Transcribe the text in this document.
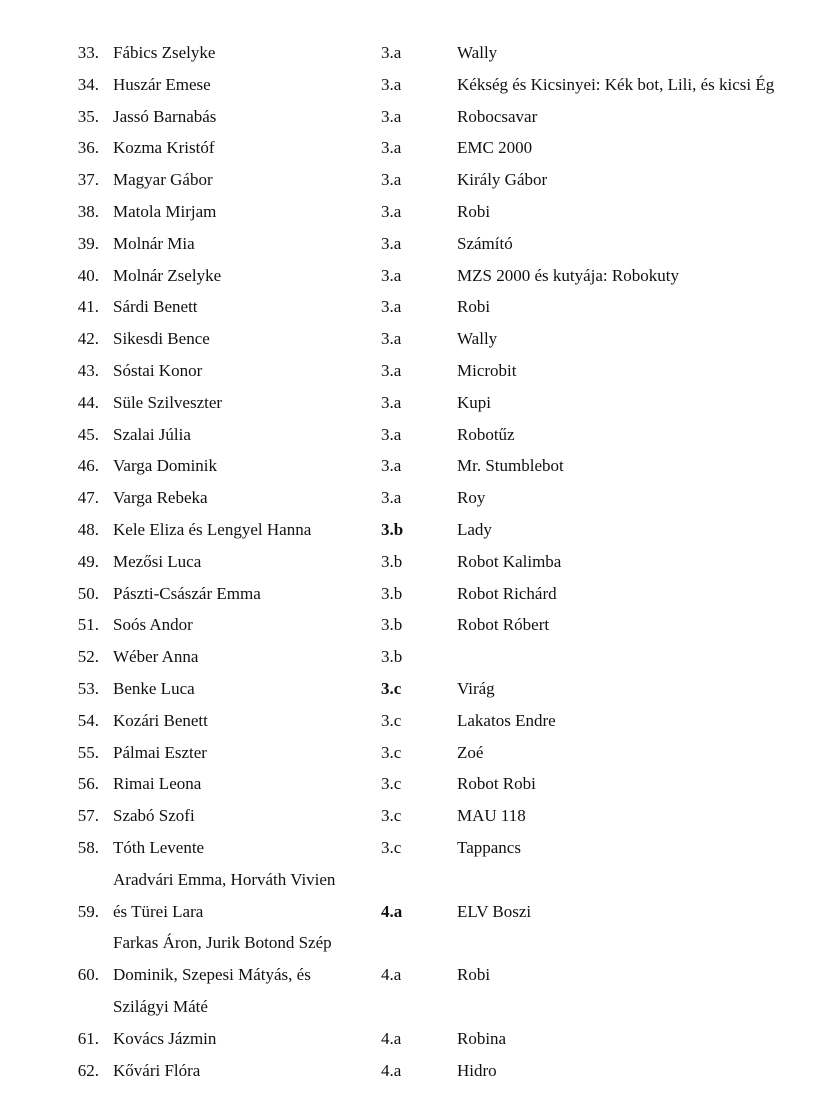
33. Fábics Zselyke	3.a	Wally
34. Huszár Emese	3.a	Kékség és Kicsinyei: Kék bot, Lili, és kicsi Ég
35. Jassó Barnabás	3.a	Robocsavar
36. Kozma Kristóf	3.a	EMC 2000
37. Magyar Gábor	3.a	Király Gábor
38. Matola Mirjam	3.a	Robi
39. Molnár Mia	3.a	Számító
40. Molnár Zselyke	3.a	MZS 2000 és kutyája: Robokuty
41. Sárdi Benett	3.a	Robi
42. Sikesdi Bence	3.a	Wally
43. Sóstai Konor	3.a	Microbit
44. Süle Szilveszter	3.a	Kupi
45. Szalai Júlia	3.a	Robotűz
46. Varga Dominik	3.a	Mr. Stumblebot
47. Varga Rebeka	3.a	Roy
48. Kele Eliza és Lengyel Hanna	3.b	Lady
49. Mezősi Luca	3.b	Robot Kalimba
50. Pászti-Császár Emma	3.b	Robot Richárd
51. Soós Andor	3.b	Robot Róbert
52. Wéber Anna	3.b
53. Benke Luca	3.c	Virág
54. Kozári Benett	3.c	Lakatos Endre
55. Pálmai Eszter	3.c	Zoé
56. Rimai Leona	3.c	Robot Robi
57. Szabó Szofi	3.c	MAU 118
58. Tóth Levente	3.c	Tappancs
Aradvári Emma, Horváth Vivien
59. és Türei Lara	4.a	ELV Boszi
Farkas Áron, Jurik Botond Szép
60. Dominik, Szepesi Mátyás, és	4.a	Robi
Szilágyi Máté
61. Kovács Jázmin	4.a	Robina
62. Kővári Flóra	4.a	Hidro
